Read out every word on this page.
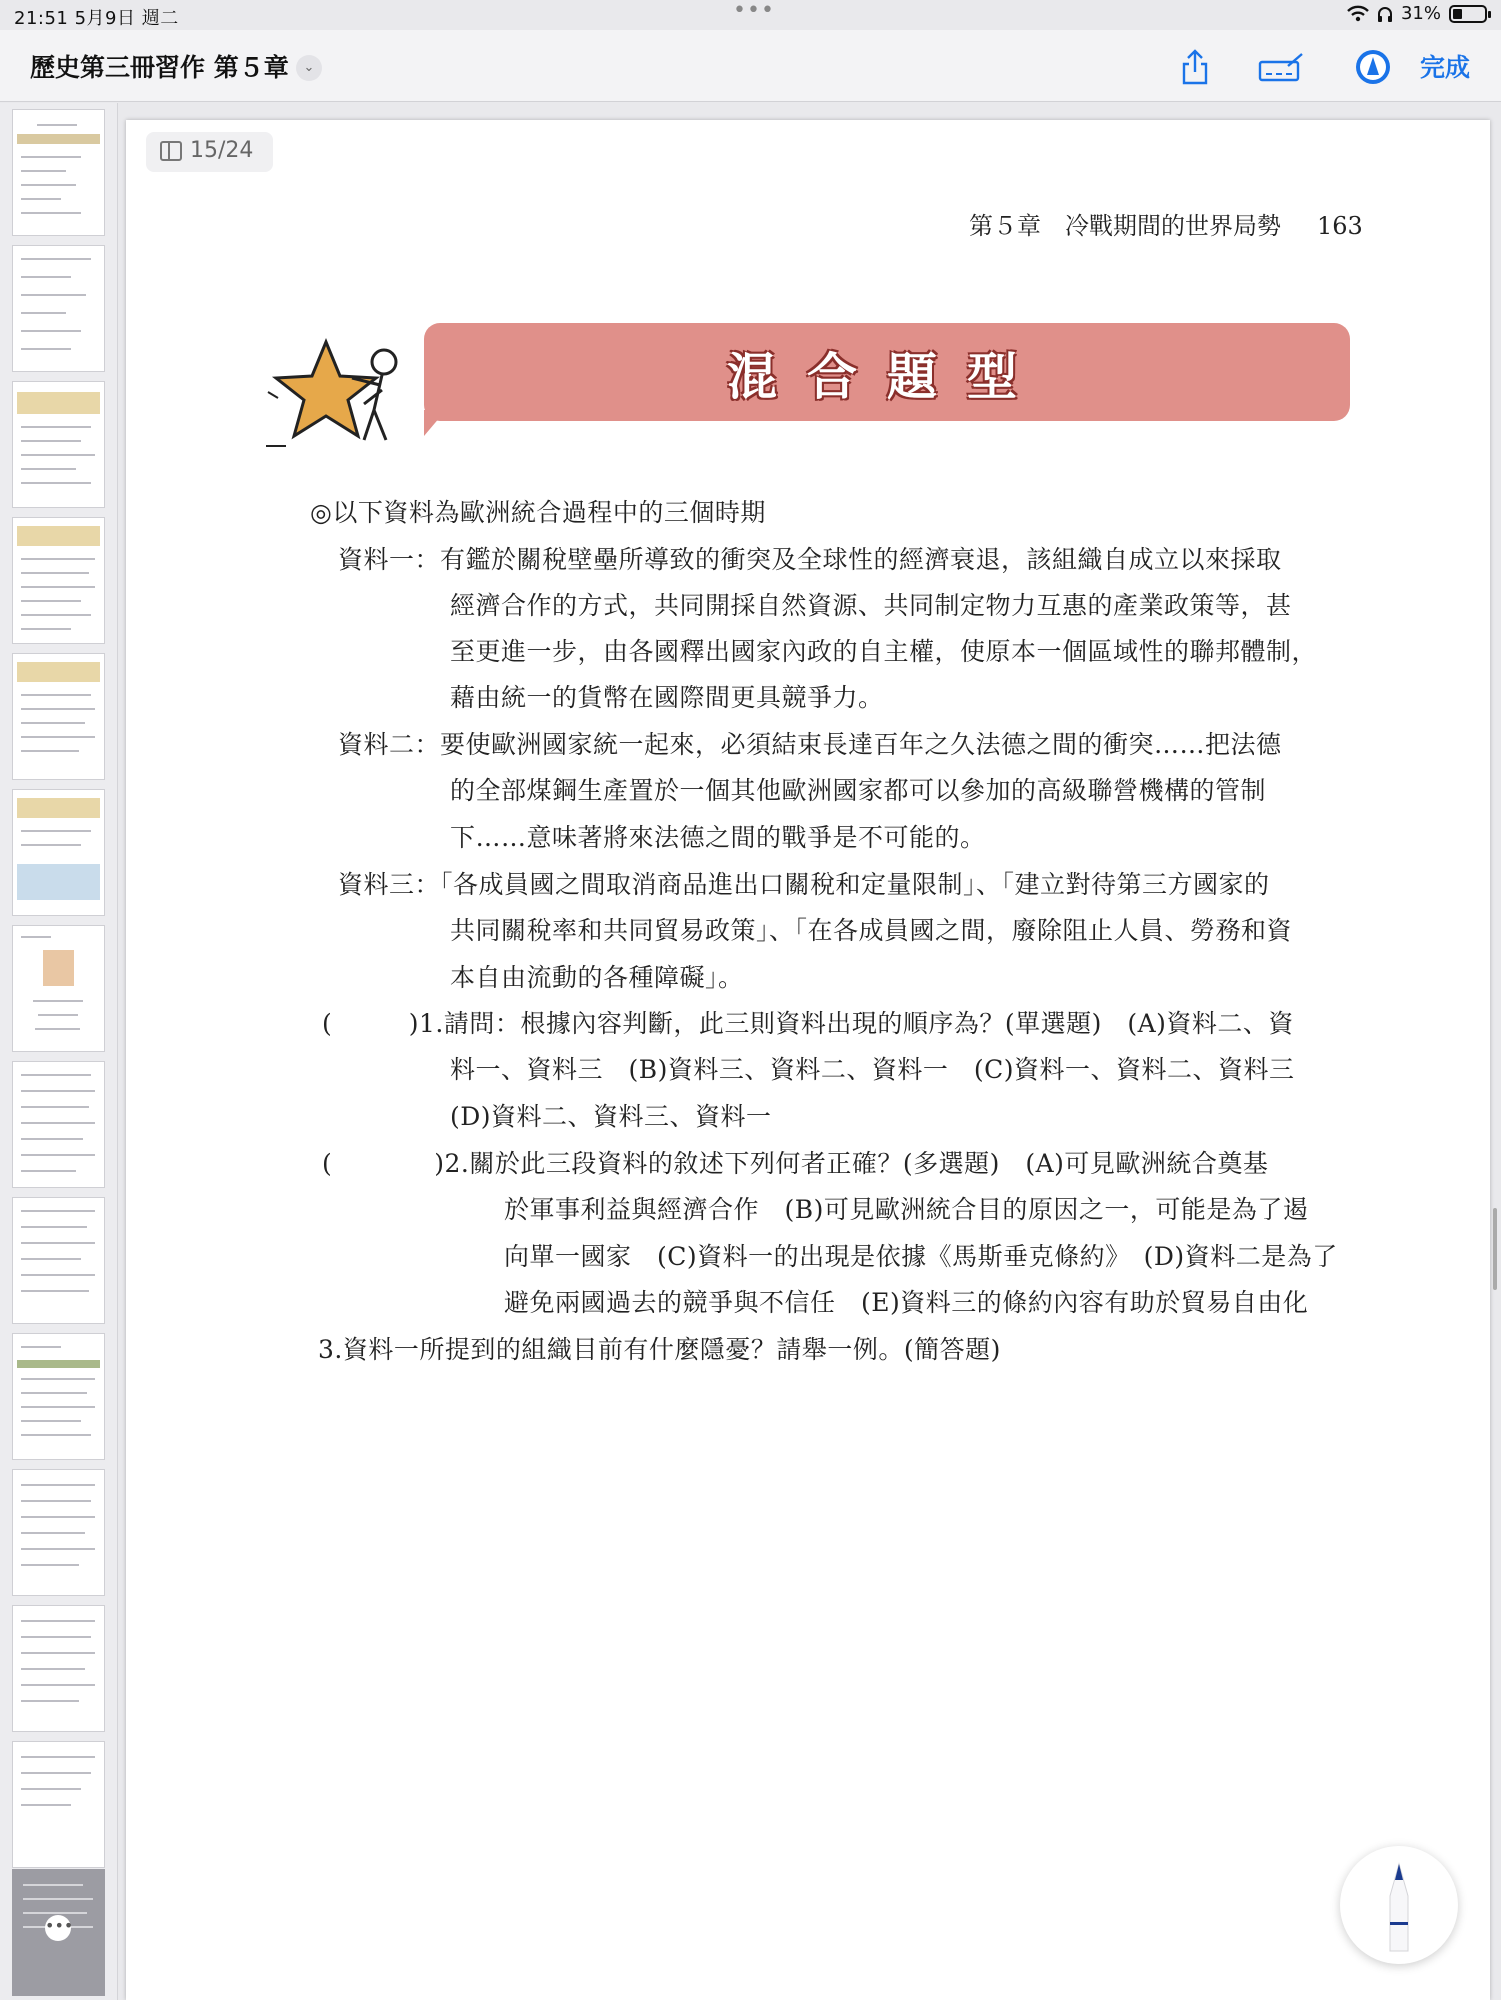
21:51 5月9日 週二	•••	31%
歷史第三冊習作 第５章	⌄	完成
•••
15/24
第５章　冷戰期間的世界局勢 163
混合題型
◎以下資料為歐洲統合過程中的三個時期
資料一：有鑑於關稅壁壘所導致的衝突及全球性的經濟衰退，該組織自成立以來採取
經濟合作的方式，共同開採自然資源、共同制定物力互惠的產業政策等，甚
至更進一步，由各國釋出國家內政的自主權，使原本一個區域性的聯邦體制，
藉由統一的貨幣在國際間更具競爭力。
資料二：要使歐洲國家統一起來，必須結束長達百年之久法德之間的衝突……把法德
的全部煤鋼生產置於一個其他歐洲國家都可以參加的高級聯營機構的管制
下……意味著將來法德之間的戰爭是不可能的。
資料三：「各成員國之間取消商品進出口關稅和定量限制」、「建立對待第三方國家的
共同關稅率和共同貿易政策」、「在各成員國之間，廢除阻止人員、勞務和資
本自由流動的各種障礙」。
(　　　)1.請問：根據內容判斷，此三則資料出現的順序為？(單選題)　(A)資料二、資
料一、資料三　(B)資料三、資料二、資料一　(C)資料一、資料二、資料三
(D)資料二、資料三、資料一
(　　　　)2.關於此三段資料的敘述下列何者正確？(多選題)　(A)可見歐洲統合奠基
於軍事利益與經濟合作　(B)可見歐洲統合目的原因之一，可能是為了遏
向單一國家　(C)資料一的出現是依據《馬斯垂克條約》　(D)資料二是為了
避免兩國過去的競爭與不信任　(E)資料三的條約內容有助於貿易自由化
3.資料一所提到的組織目前有什麼隱憂？請舉一例。(簡答題)
